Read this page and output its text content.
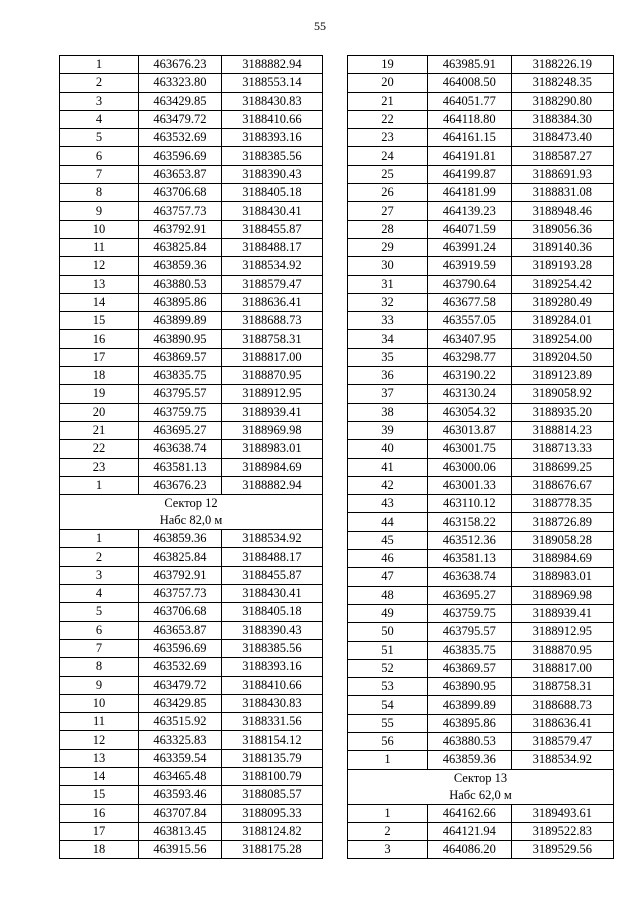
55
1	463676.23	3188882.94
2	463323.80	3188553.14
3	463429.85	3188430.83
4	463479.72	3188410.66
5	463532.69	3188393.16
6	463596.69	3188385.56
7	463653.87	3188390.43
8	463706.68	3188405.18
9	463757.73	3188430.41
10	463792.91	3188455.87
11	463825.84	3188488.17
12	463859.36	3188534.92
13	463880.53	3188579.47
14	463895.86	3188636.41
15	463899.89	3188688.73
16	463890.95	3188758.31
17	463869.57	3188817.00
18	463835.75	3188870.95
19	463795.57	3188912.95
20	463759.75	3188939.41
21	463695.27	3188969.98
22	463638.74	3188983.01
23	463581.13	3188984.69
1	463676.23	3188882.94

Сектор 12
Набс 82,0 м		

1	463859.36	3188534.92
2	463825.84	3188488.17
3	463792.91	3188455.87
4	463757.73	3188430.41
5	463706.68	3188405.18
6	463653.87	3188390.43
7	463596.69	3188385.56
8	463532.69	3188393.16
9	463479.72	3188410.66
10	463429.85	3188430.83
11	463515.92	3188331.56
12	463325.83	3188154.12
13	463359.54	3188135.79
14	463465.48	3188100.79
15	463593.46	3188085.57
16	463707.84	3188095.33
17	463813.45	3188124.82
18	463915.56	3188175.28
19	463985.91	3188226.19
20	464008.50	3188248.35
21	464051.77	3188290.80
22	464118.80	3188384.30
23	464161.15	3188473.40
24	464191.81	3188587.27
25	464199.87	3188691.93
26	464181.99	3188831.08
27	464139.23	3188948.46
28	464071.59	3189056.36
29	463991.24	3189140.36
30	463919.59	3189193.28
31	463790.64	3189254.42
32	463677.58	3189280.49
33	463557.05	3189284.01
34	463407.95	3189254.00
35	463298.77	3189204.50
36	463190.22	3189123.89
37	463130.24	3189058.92
38	463054.32	3188935.20
39	463013.87	3188814.23
40	463001.75	3188713.33
41	463000.06	3188699.25
42	463001.33	3188676.67
43	463110.12	3188778.35
44	463158.22	3188726.89
45	463512.36	3189058.28
46	463581.13	3188984.69
47	463638.74	3188983.01
48	463695.27	3188969.98
49	463759.75	3188939.41
50	463795.57	3188912.95
51	463835.75	3188870.95
52	463869.57	3188817.00
53	463890.95	3188758.31
54	463899.89	3188688.73
55	463895.86	3188636.41
56	463880.53	3188579.47
1	463859.36	3188534.92

Сектор 13
Набс 62,0 м		

1	464162.66	3189493.61
2	464121.94	3189522.83
3	464086.20	3189529.56
